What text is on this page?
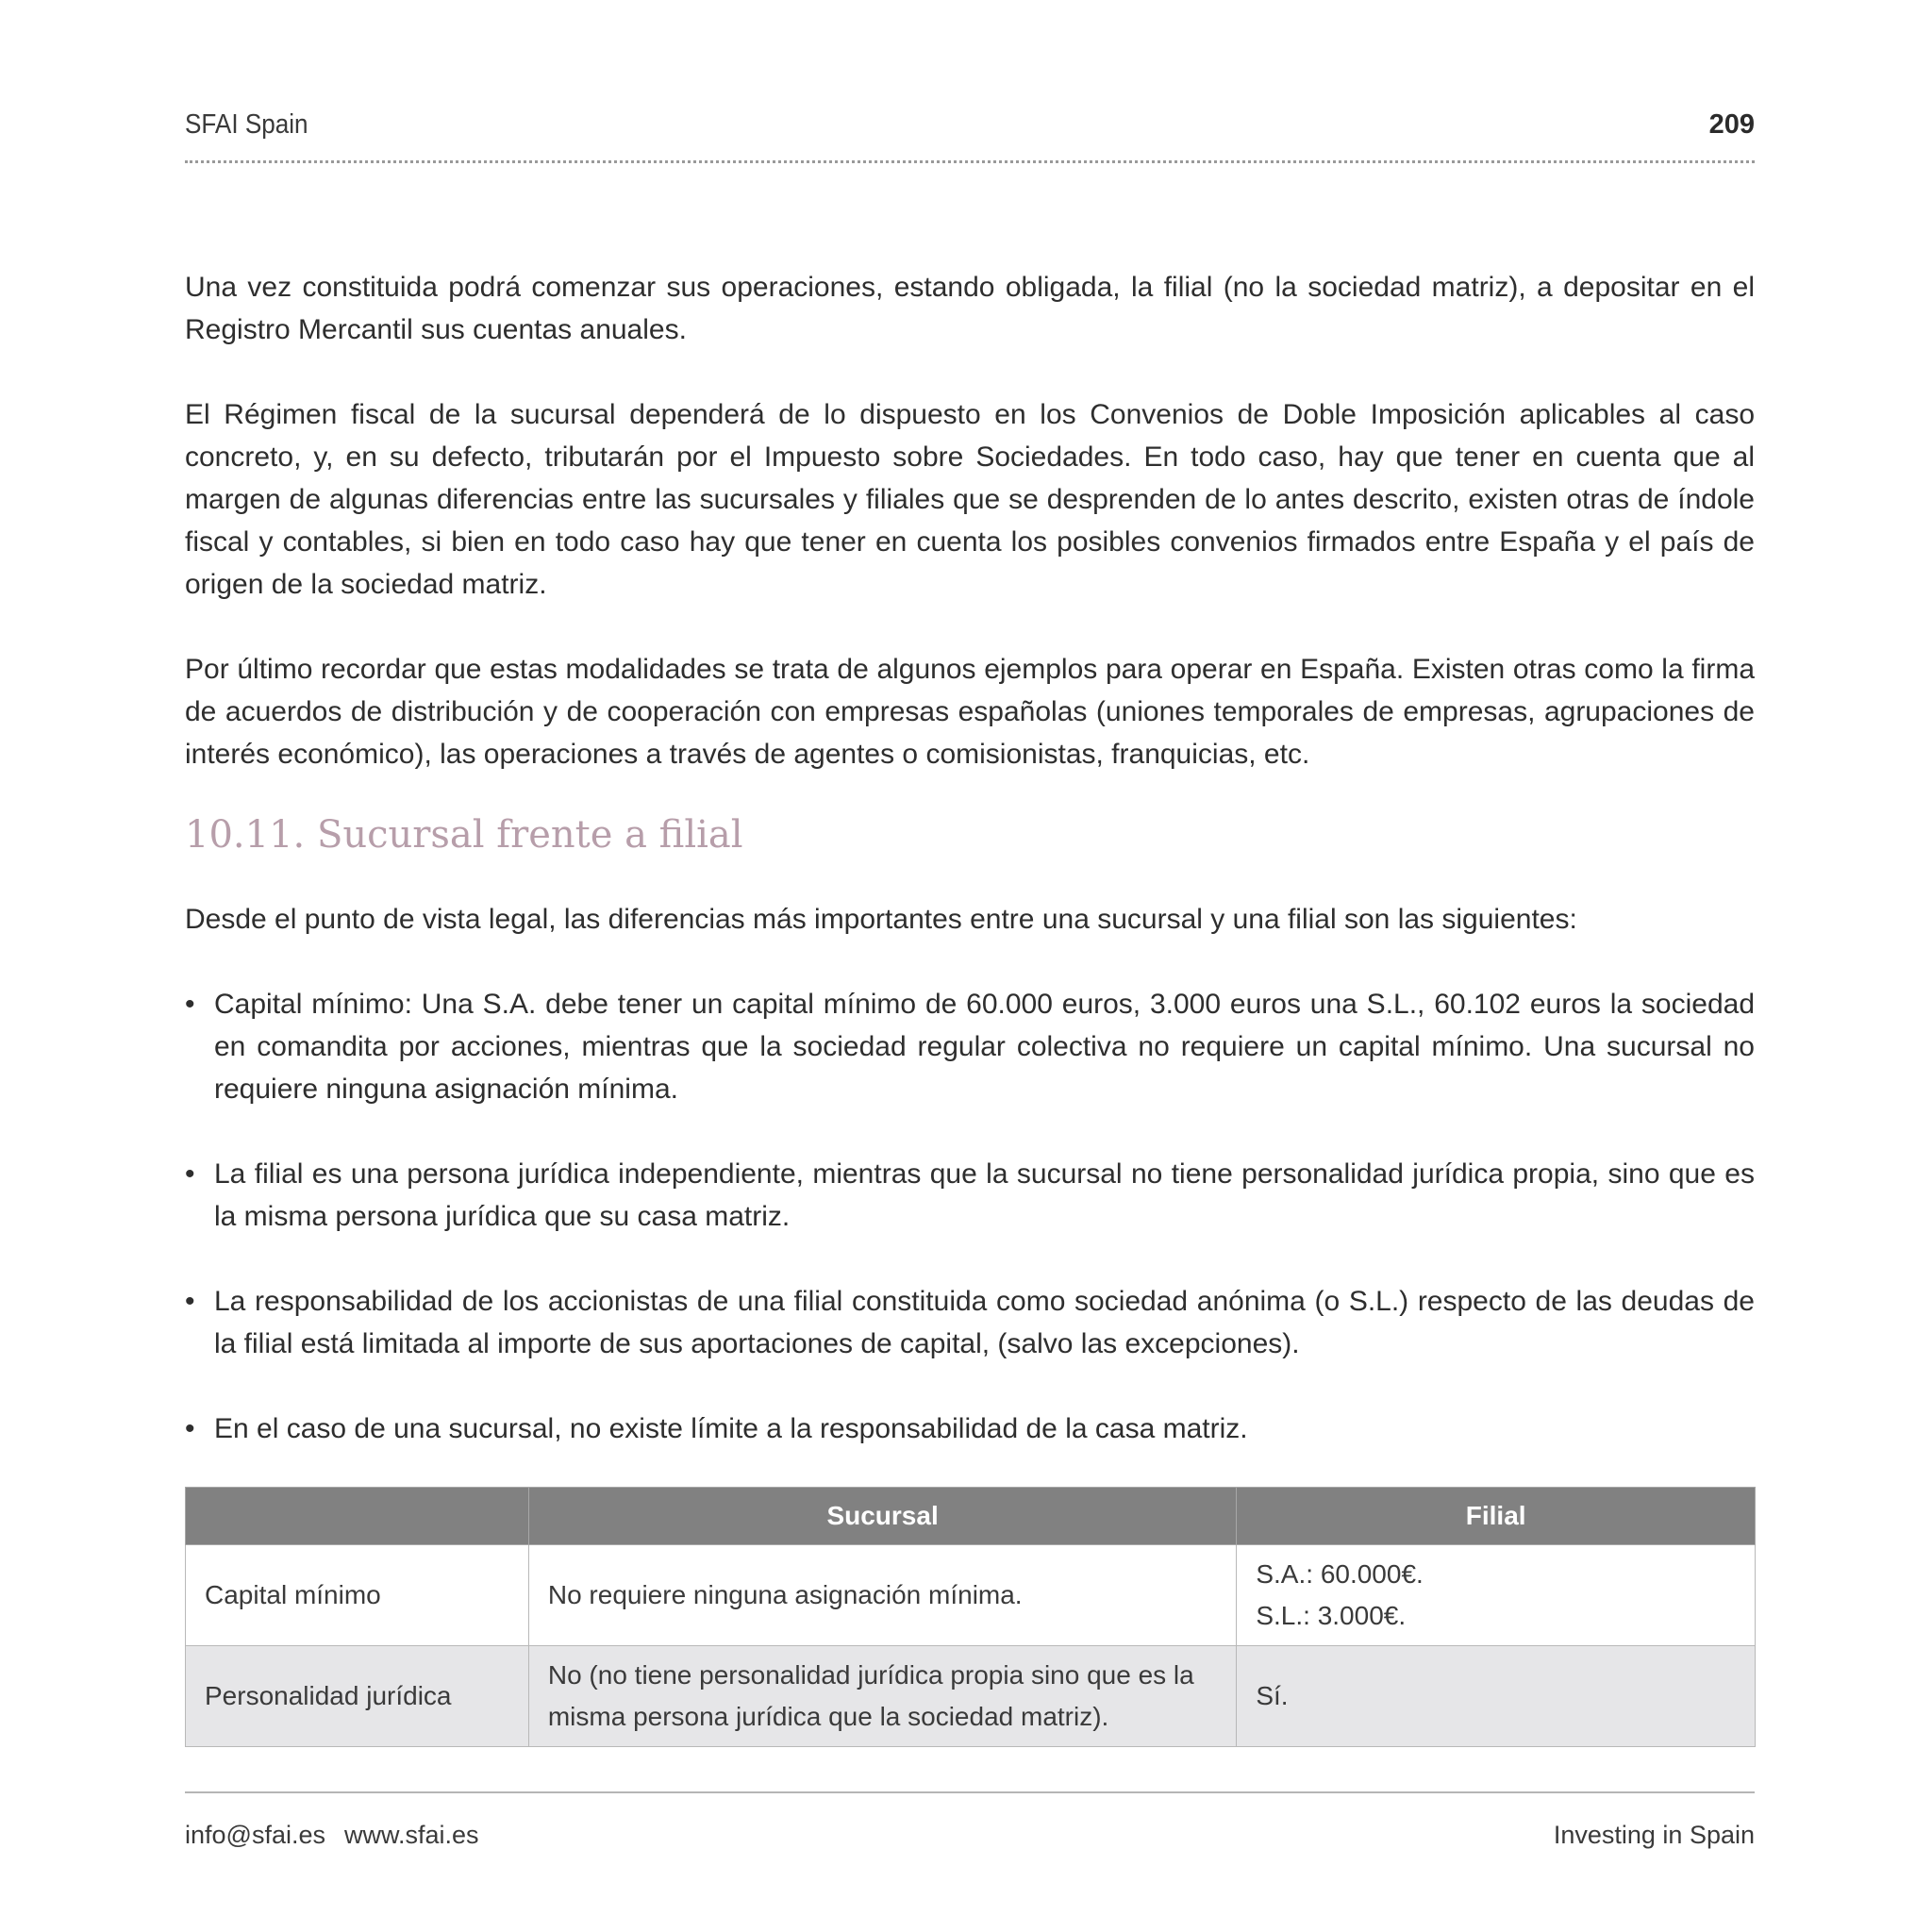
SFAI Spain	209

Una vez constituida podrá comenzar sus operaciones, estando obligada, la filial (no la sociedad matriz), a depositar en el Registro Mercantil sus cuentas anuales.

El Régimen fiscal de la sucursal dependerá de lo dispuesto en los Convenios de Doble Imposición aplicables al caso concreto, y, en su defecto, tributarán por el Impuesto sobre Sociedades. En todo caso, hay que tener en cuenta que al margen de algunas diferencias entre las sucursales y filiales que se desprenden de lo antes descrito, existen otras de índole fiscal y contables, si bien en todo caso hay que tener en cuenta los posibles convenios firmados entre España y el país de origen de la sociedad matriz.

Por último recordar que estas modalidades se trata de algunos ejemplos para operar en España. Existen otras como la firma de acuerdos de distribución y de cooperación con empresas españolas (uniones temporales de empresas, agrupaciones de interés económico), las operaciones a través de agentes o comisionistas, franquicias, etc.

10.11. Sucursal frente a filial

Desde el punto de vista legal, las diferencias más importantes entre una sucursal y una filial son las siguientes:

• Capital mínimo: Una S.A. debe tener un capital mínimo de 60.000 euros, 3.000 euros una S.L., 60.102 euros la sociedad en comandita por acciones, mientras que la sociedad regular colectiva no requiere un capital mínimo. Una sucursal no requiere ninguna asignación mínima.
• La filial es una persona jurídica independiente, mientras que la sucursal no tiene personalidad jurídica propia, sino que es la misma persona jurídica que su casa matriz.
• La responsabilidad de los accionistas de una filial constituida como sociedad anónima (o S.L.) respecto de las deudas de la filial está limitada al importe de sus aportaciones de capital, (salvo las excepciones).
• En el caso de una sucursal, no existe límite a la responsabilidad de la casa matriz.
	Sucursal	Filial
Capital mínimo	No requiere ninguna asignación mínima.	S.A.: 60.000€.
S.L.: 3.000€.

Personalidad jurídica	No (no tiene personalidad jurídica propia sino que es la
misma persona jurídica que la sociedad matriz).	Sí.
info@sfai.es www.sfai.es	Investing in Spain
